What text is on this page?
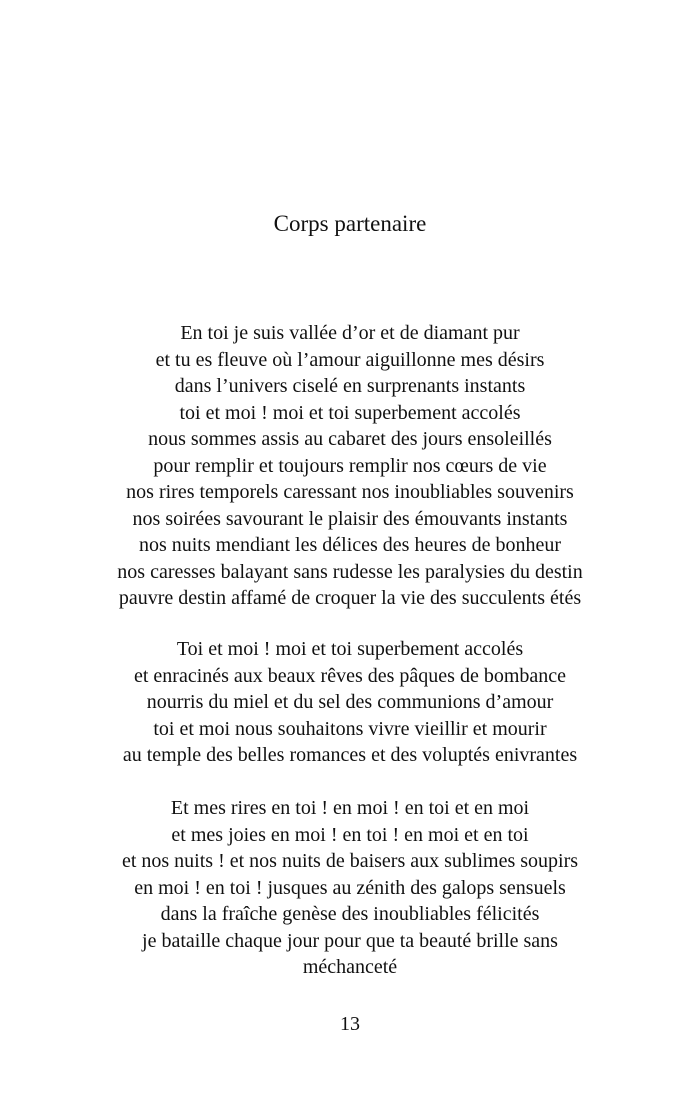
Corps partenaire
En toi je suis vallée d’or et de diamant pur
et tu es fleuve où l’amour aiguillonne mes désirs
dans l’univers ciselé en surprenants instants
toi et moi ! moi et toi superbement accolés
nous sommes assis au cabaret des jours ensoleillés
pour remplir et toujours remplir nos cœurs de vie
nos rires temporels caressant nos inoubliables souvenirs
nos soirées savourant le plaisir des émouvants instants
nos nuits mendiant les délices des heures de bonheur
nos caresses balayant sans rudesse les paralysies du destin
pauvre destin affamé de croquer la vie des succulents étés
Toi et moi ! moi et toi superbement accolés
et enracinés aux beaux rêves des pâques de bombance
nourris du miel et du sel des communions d’amour
toi et moi nous souhaitons vivre vieillir et mourir
au temple des belles romances et des voluptés enivrantes
Et mes rires en toi ! en moi ! en toi et en moi
et mes joies en moi ! en toi ! en moi et en toi
et nos nuits ! et nos nuits de baisers aux sublimes soupirs
en moi ! en toi ! jusques au zénith des galops sensuels
dans la fraîche genèse des inoubliables félicités
je bataille chaque jour pour que ta beauté brille sans
méchanceté
13
